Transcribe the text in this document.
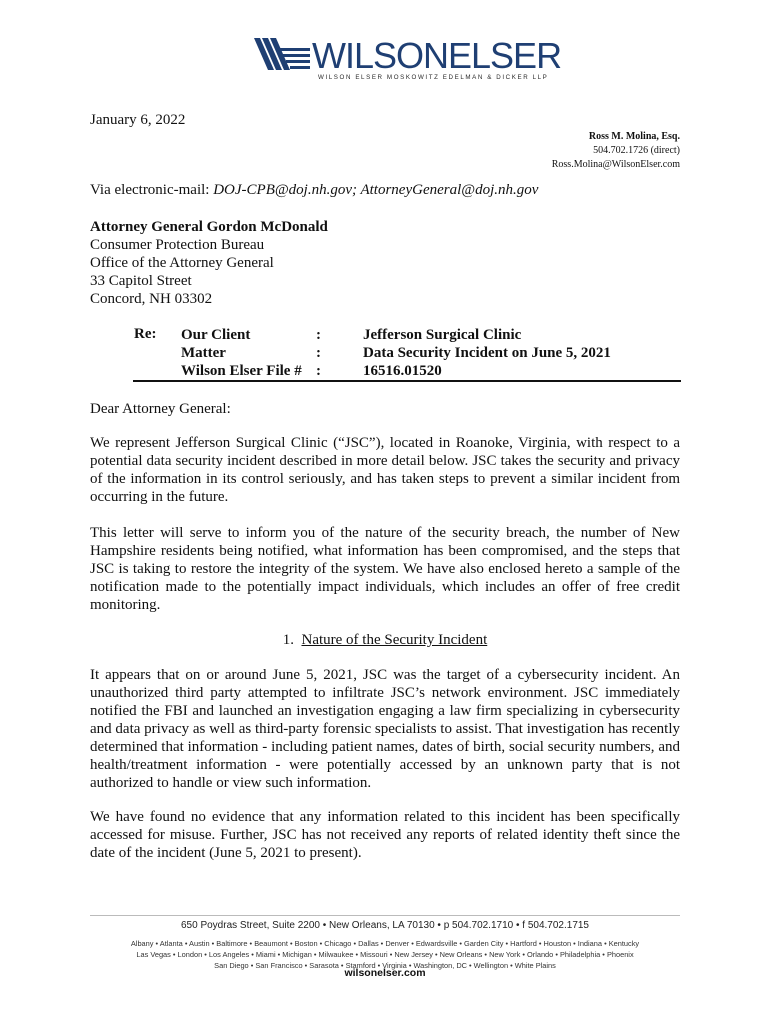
WILSONELSER
WILSON ELSER MOSKOWITZ EDELMAN & DICKER LLP
January 6, 2022
Ross M. Molina, Esq.
504.702.1726 (direct)
Ross.Molina@WilsonElser.com
Via electronic-mail: DOJ-CPB@doj.nh.gov; AttorneyGeneral@doj.nh.gov
Attorney General Gordon McDonald
Consumer Protection Bureau
Office of the Attorney General
33 Capitol Street
Concord, NH 03302
Re: Our Client
Matter
Wilson Elser File #
:
:
:
Jefferson Surgical Clinic
Data Security Incident on June 5, 2021
16516.01520
Dear Attorney General:
We represent Jefferson Surgical Clinic (“JSC”), located in Roanoke, Virginia, with respect to a
potential data security incident described in more detail below. JSC takes the security and privacy
of the information in its control seriously, and has taken steps to prevent a similar incident from
occurring in the future.
This letter will serve to inform you of the nature of the security breach, the number of New
Hampshire residents being notified, what information has been compromised, and the steps that
JSC is taking to restore the integrity of the system. We have also enclosed hereto a sample of the
notification made to the potentially impact individuals, which includes an offer of free credit
monitoring.
1. Nature of the Security Incident
It appears that on or around June 5, 2021, JSC was the target of a cybersecurity incident. An
unauthorized third party attempted to infiltrate JSC’s network environment. JSC immediately
notified the FBI and launched an investigation engaging a law firm specializing in cybersecurity
and data privacy as well as third-party forensic specialists to assist. That investigation has recently
determined that information - including patient names, dates of birth, social security numbers, and
health/treatment information - were potentially accessed by an unknown party that is not
authorized to handle or view such information.
We have found no evidence that any information related to this incident has been specifically
accessed for misuse. Further, JSC has not received any reports of related identity theft since the
date of the incident (June 5, 2021 to present).
650 Poydras Street, Suite 2200 • New Orleans, LA 70130 • p 504.702.1710 • f 504.702.1715
Albany • Atlanta • Austin • Baltimore • Beaumont • Boston • Chicago • Dallas • Denver • Edwardsville • Garden City • Hartford • Houston • Indiana • Kentucky
Las Vegas • London • Los Angeles • Miami • Michigan • Milwaukee • Missouri • New Jersey • New Orleans • New York • Orlando • Philadelphia • Phoenix
San Diego • San Francisco • Sarasota • Stamford • Virginia • Washington, DC • Wellington • White Plains
wilsonelser.com
